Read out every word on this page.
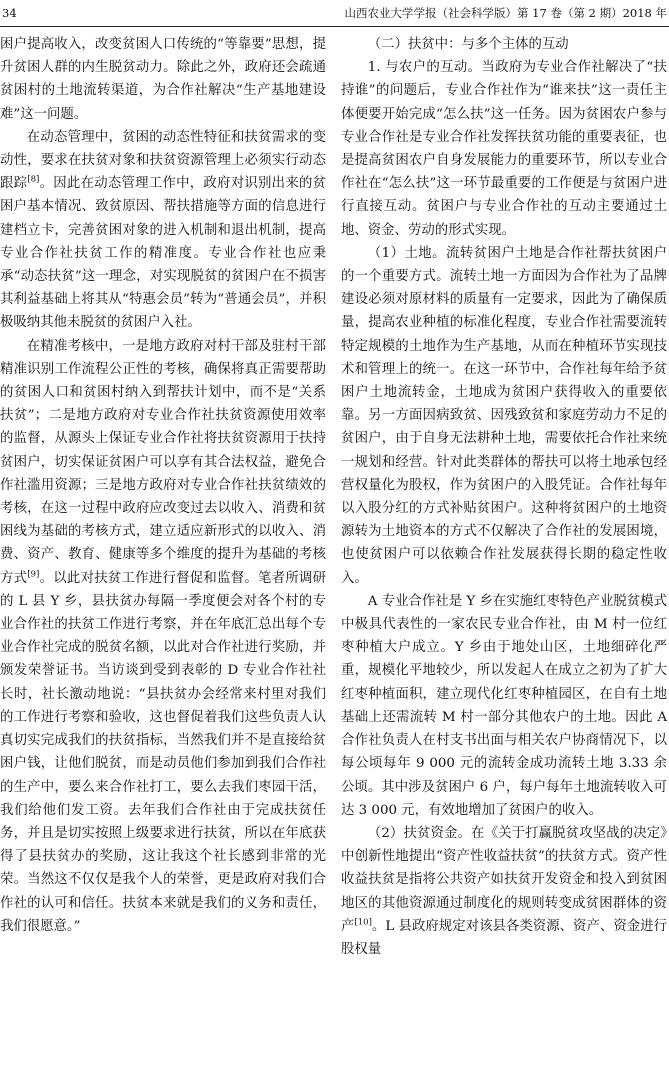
34	山西农业大学学报（社会科学版）第 17 卷（第 2 期）2018 年

困户提高收入，改变贫困人口传统的“等靠要”思想，提升贫困人群的内生脱贫动力。除此之外，政府还会疏通贫困村的土地流转渠道，为合作社解决“生产基地建设难”这一问题。

在动态管理中，贫困的动态性特征和扶贫需求的变动性，要求在扶贫对象和扶贫资源管理上必须实行动态跟踪[8]。因此在动态管理工作中，政府对识别出来的贫困户基本情况、致贫原因、帮扶措施等方面的信息进行建档立卡，完善贫困对象的进入机制和退出机制，提高专业合作社扶贫工作的精准度。专业合作社也应秉承“动态扶贫”这一理念，对实现脱贫的贫困户在不损害其利益基础上将其从“特惠会员”转为“普通会员”，并积极吸纳其他未脱贫的贫困户入社。

在精准考核中，一是地方政府对村干部及驻村干部精准识别工作流程公正性的考核，确保将真正需要帮助的贫困人口和贫困村纳入到帮扶计划中，而不是“关系扶贫”；二是地方政府对专业合作社扶贫资源使用效率的监督，从源头上保证专业合作社将扶贫资源用于扶持贫困户，切实保证贫困户可以享有其合法权益，避免合作社滥用资源；三是地方政府对专业合作社扶贫绩效的考核，在这一过程中政府应改变过去以收入、消费和贫困线为基础的考核方式，建立适应新形式的以收入、消费、资产、教育、健康等多个维度的提升为基础的考核方式[9]。以此对扶贫工作进行督促和监督。笔者所调研的 L 县 Y 乡，县扶贫办每隔一季度便会对各个村的专业合作社的扶贫工作进行考察，并在年底汇总出每个专业合作社完成的脱贫名额，以此对合作社进行奖励，并颁发荣誉证书。当访谈到受到表彰的 D 专业合作社社长时，社长激动地说：“县扶贫办会经常来村里对我们的工作进行考察和验收，这也督促着我们这些负责人认真切实完成我们的扶贫指标，当然我们并不是直接给贫困户钱，让他们脱贫，而是动员他们参加到我们合作社的生产中，要么来合作社打工，要么去我们枣园干活，我们给他们发工资。去年我们合作社由于完成扶贫任务，并且是切实按照上级要求进行扶贫，所以在年底获得了县扶贫办的奖励，这让我这个社长感到非常的光荣。当然这不仅仅是我个人的荣誉，更是政府对我们合作社的认可和信任。扶贫本来就是我们的义务和责任，我们很愿意。”

（二）扶贫中：与多个主体的互动

1. 与农户的互动。当政府为专业合作社解决了“扶持谁”的问题后，专业合作社作为“谁来扶”这一责任主体便要开始完成“怎么扶”这一任务。因为贫困农户参与专业合作社是专业合作社发挥扶贫功能的重要表征，也是提高贫困农户自身发展能力的重要环节，所以专业合作社在“怎么扶”这一环节最重要的工作便是与贫困户进行直接互动。贫困户与专业合作社的互动主要通过土地、资金、劳动的形式实现。

（1）土地。流转贫困户土地是合作社帮扶贫困户的一个重要方式。流转土地一方面因为合作社为了品牌建设必须对原材料的质量有一定要求，因此为了确保质量，提高农业种植的标准化程度，专业合作社需要流转特定规模的土地作为生产基地，从而在种植环节实现技术和管理上的统一。在这一环节中，合作社每年给予贫困户土地流转金，土地成为贫困户获得收入的重要依靠。另一方面因病致贫、因残致贫和家庭劳动力不足的贫困户，由于自身无法耕种土地，需要依托合作社来统一规划和经营。针对此类群体的帮扶可以将土地承包经营权量化为股权，作为贫困户的入股凭证。合作社每年以入股分红的方式补贴贫困户。这种将贫困户的土地资源转为土地资本的方式不仅解决了合作社的发展困境，也使贫困户可以依赖合作社发展获得长期的稳定性收入。

A 专业合作社是 Y 乡在实施红枣特色产业脱贫模式中极具代表性的一家农民专业合作社，由 M 村一位红枣种植大户成立。Y 乡由于地处山区，土地细碎化严重，规模化平地较少，所以发起人在成立之初为了扩大红枣种植面积，建立现代化红枣种植园区，在自有土地基础上还需流转 M 村一部分其他农户的土地。因此 A 合作社负责人在村支书出面与相关农户协商情况下，以每公顷每年 9 000 元的流转金成功流转土地 3.33 余公顷。其中涉及贫困户 6 户，每户每年土地流转收入可达 3 000 元，有效地增加了贫困户的收入。

（2）扶贫资金。在《关于打赢脱贫攻坚战的决定》中创新性地提出“资产性收益扶贫”的扶贫方式。资产性收益扶贫是指将公共资产如扶贫开发资金和投入到贫困地区的其他资源通过制度化的规则转变成贫困群体的资产[10]。L 县政府规定对该县各类资源、资产、资金进行股权量
